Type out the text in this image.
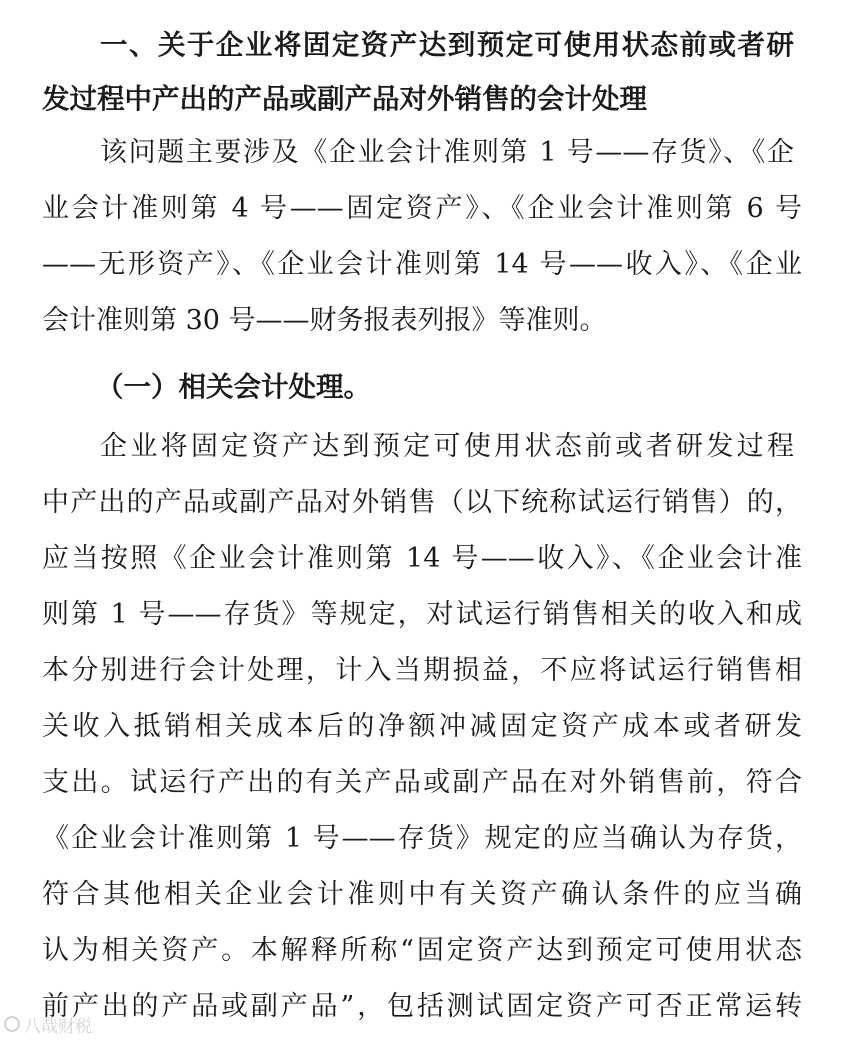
一、关于企业将固定资产达到预定可使用状态前或者研
发过程中产出的产品或副产品对外销售的会计处理
该问题主要涉及《企业会计准则第 1 号——存货》、《企
业会计准则第 4 号——固定资产》、《企业会计准则第 6 号
——无形资产》、《企业会计准则第 14 号——收入》、《企业
会计准则第 30 号——财务报表列报》等准则。
（一）相关会计处理。
企业将固定资产达到预定可使用状态前或者研发过程
中产出的产品或副产品对外销售（以下统称试运行销售）的，
应当按照《企业会计准则第 14 号——收入》、《企业会计准
则第 1 号——存货》等规定，对试运行销售相关的收入和成
本分别进行会计处理，计入当期损益，不应将试运行销售相
关收入抵销相关成本后的净额冲减固定资产成本或者研发
支出。试运行产出的有关产品或副产品在对外销售前，符合
《企业会计准则第 1 号——存货》规定的应当确认为存货，
符合其他相关企业会计准则中有关资产确认条件的应当确
认为相关资产。本解释所称“固定资产达到预定可使用状态
前产出的产品或副产品”，包括测试固定资产可否正常运转
八哉财税
